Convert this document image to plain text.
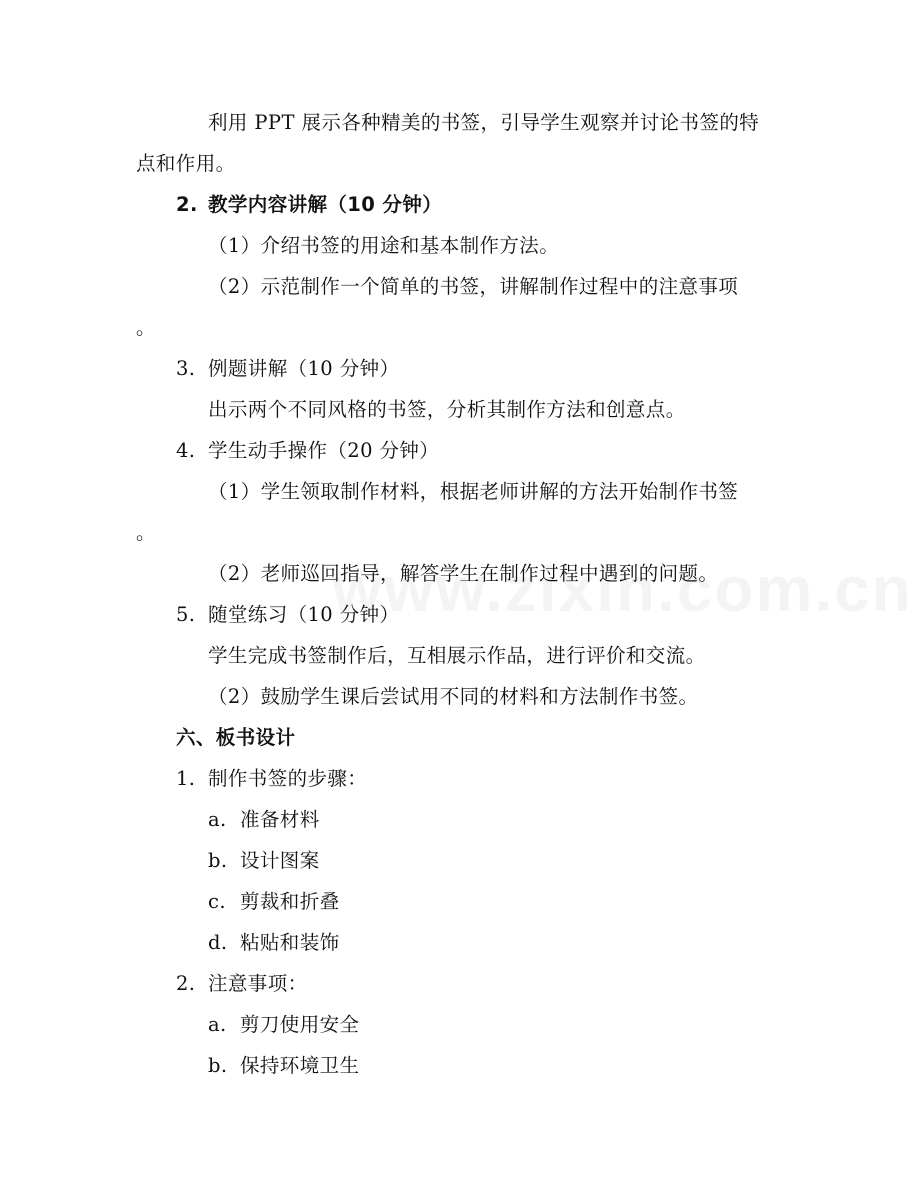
利用 PPT 展示各种精美的书签，引导学生观察并讨论书签的特
点和作用。
2. 教学内容讲解（10 分钟）
（1）介绍书签的用途和基本制作方法。
（2）示范制作一个简单的书签，讲解制作过程中的注意事项
。
3. 例题讲解（10 分钟）
出示两个不同风格的书签，分析其制作方法和创意点。
4. 学生动手操作（20 分钟）
（1）学生领取制作材料，根据老师讲解的方法开始制作书签
。
（2）老师巡回指导，解答学生在制作过程中遇到的问题。
5. 随堂练习（10 分钟）
学生完成书签制作后，互相展示作品，进行评价和交流。
（2）鼓励学生课后尝试用不同的材料和方法制作书签。
六、板书设计
1. 制作书签的步骤：
a. 准备材料
b. 设计图案
c. 剪裁和折叠
d. 粘贴和装饰
2. 注意事项：
a. 剪刀使用安全
b. 保持环境卫生
